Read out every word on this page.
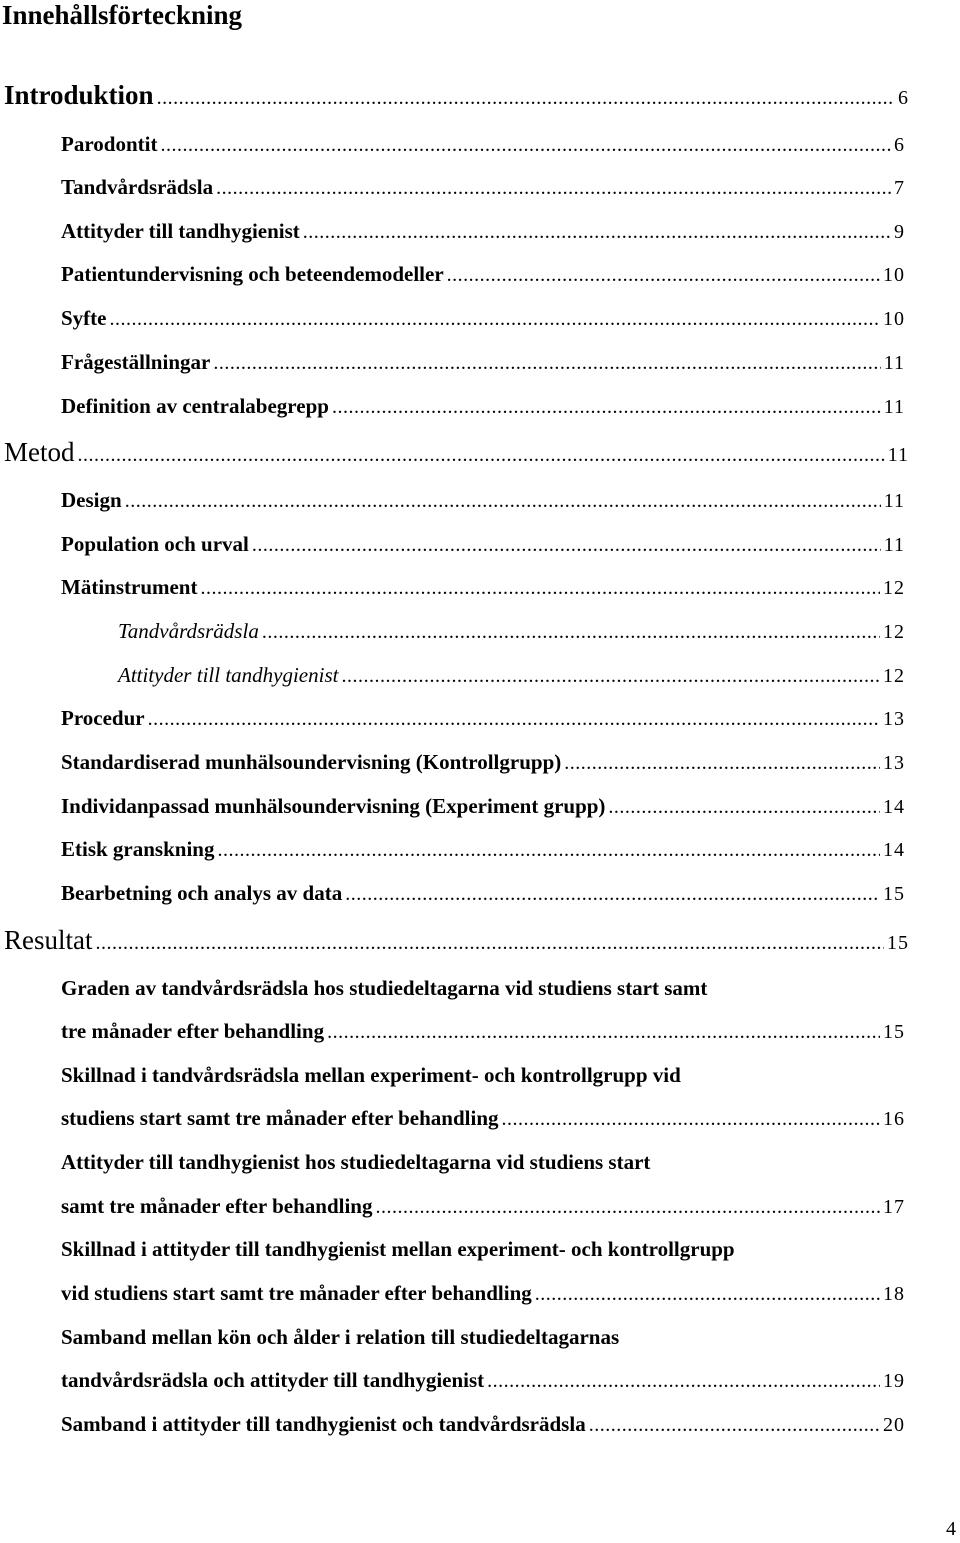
Innehållsförteckning
Introduktion .....	6
Parodontit .....	6
Tandvårdsrädsla .....	7
Attityder till tandhygienist .....	9
Patientundervisning och beteendemodeller .....	10
Syfte .....	10
Frågeställningar .....	11
Definition av centralabegrepp .....	11
Metod .....	11
Design .....	11
Population och urval .....	11
Mätinstrument .....	12
Tandvårdsrädsla .....	12
Attityder till tandhygienist .....	12
Procedur .....	13
Standardiserad munhälsoundervisning (Kontrollgrupp) .....	13
Individanpassad munhälsoundervisning (Experiment grupp) .....	14
Etisk granskning .....	14
Bearbetning och analys av data .....	15
Resultat .....	15
Graden av tandvårdsrädsla hos studiedeltagarna vid studiens start samt
tre månader efter behandling .....	15
Skillnad i tandvårdsrädsla mellan experiment- och kontrollgrupp vid
studiens start samt tre månader efter behandling .....	16
Attityder till tandhygienist hos studiedeltagarna vid studiens start
samt tre månader efter behandling .....	17
Skillnad i attityder till tandhygienist mellan experiment- och kontrollgrupp
vid studiens start samt tre månader efter behandling .....	18
Samband mellan kön och ålder i relation till studiedeltagarnas
tandvårdsrädsla och attityder till tandhygienist .....	19
Samband i attityder till tandhygienist och tandvårdsrädsla .....	20
4
